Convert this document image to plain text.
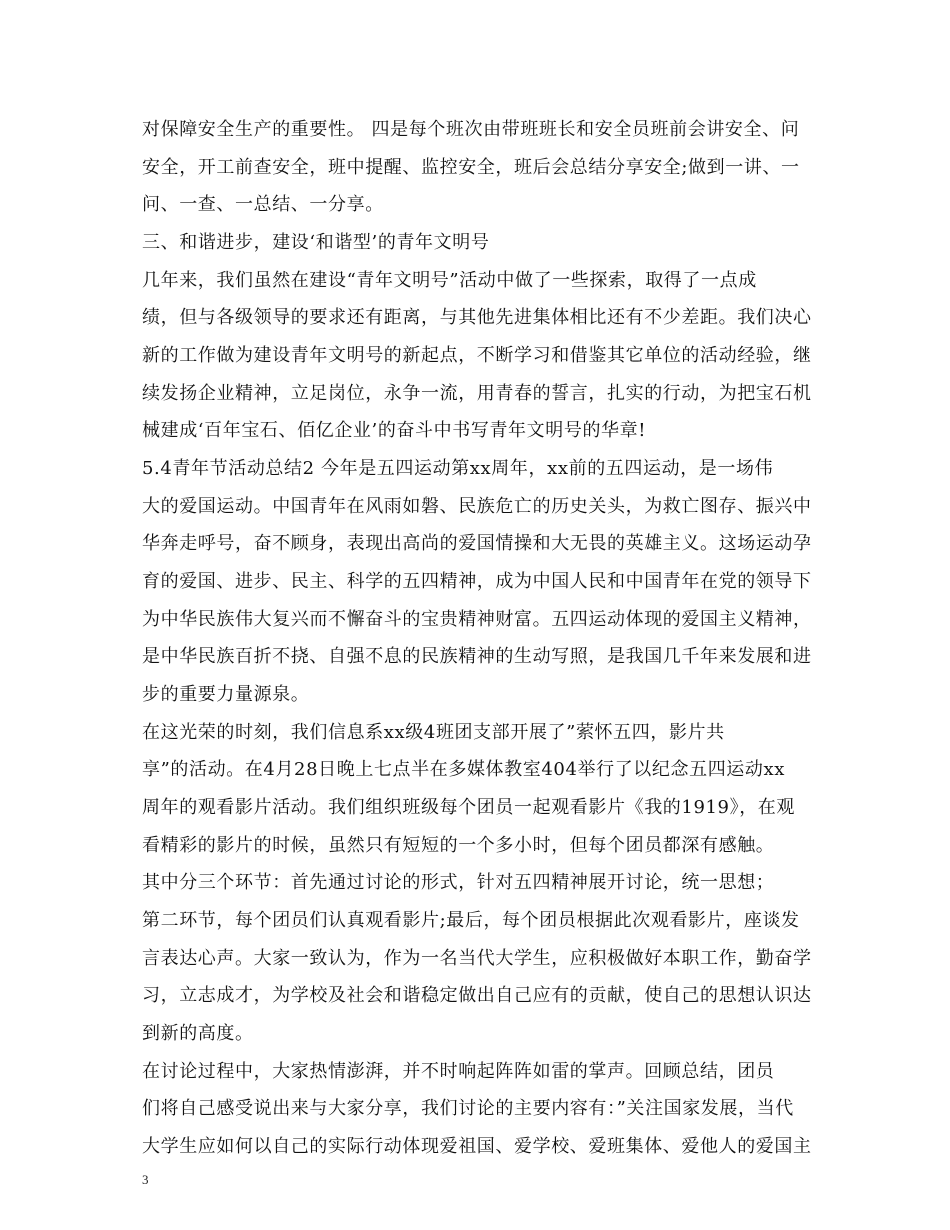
对保障安全生产的重要性。 四是每个班次由带班班长和安全员班前会讲安全、问
安全，开工前查安全，班中提醒、监控安全，班后会总结分享安全;做到一讲、一
问、一查、一总结、一分享。
三、和谐进步，建设‘和谐型’的青年文明号
几年来，我们虽然在建设“青年文明号”活动中做了一些探索，取得了一点成
绩，但与各级领导的要求还有距离，与其他先进集体相比还有不少差距。我们决心
新的工作做为建设青年文明号的新起点，不断学习和借鉴其它单位的活动经验，继
续发扬企业精神，立足岗位，永争一流，用青春的誓言，扎实的行动，为把宝石机
械建成‘百年宝石、佰亿企业’的奋斗中书写青年文明号的华章!
5.4青年节活动总结2 今年是五四运动第xx周年，xx前的五四运动，是一场伟
大的爱国运动。中国青年在风雨如磐、民族危亡的历史关头，为救亡图存、振兴中
华奔走呼号，奋不顾身，表现出高尚的爱国情操和大无畏的英雄主义。这场运动孕
育的爱国、进步、民主、科学的五四精神，成为中国人民和中国青年在党的领导下
为中华民族伟大复兴而不懈奋斗的宝贵精神财富。五四运动体现的爱国主义精神，
是中华民族百折不挠、自强不息的民族精神的生动写照，是我国几千年来发展和进
步的重要力量源泉。
在这光荣的时刻，我们信息系xx级4班团支部开展了”萦怀五四，影片共
享”的活动。在4月28日晚上七点半在多媒体教室404举行了以纪念五四运动xx
周年的观看影片活动。我们组织班级每个团员一起观看影片《我的1919》，在观
看精彩的影片的时候，虽然只有短短的一个多小时，但每个团员都深有感触。
其中分三个环节：首先通过讨论的形式，针对五四精神展开讨论，统一思想；
第二环节，每个团员们认真观看影片;最后，每个团员根据此次观看影片，座谈发
言表达心声。大家一致认为，作为一名当代大学生，应积极做好本职工作，勤奋学
习，立志成才，为学校及社会和谐稳定做出自己应有的贡献，使自己的思想认识达
到新的高度。
在讨论过程中，大家热情澎湃，并不时响起阵阵如雷的掌声。回顾总结，团员
们将自己感受说出来与大家分享，我们讨论的主要内容有：”关注国家发展，当代
大学生应如何以自己的实际行动体现爱祖国、爱学校、爱班集体、爱他人的爱国主
3
